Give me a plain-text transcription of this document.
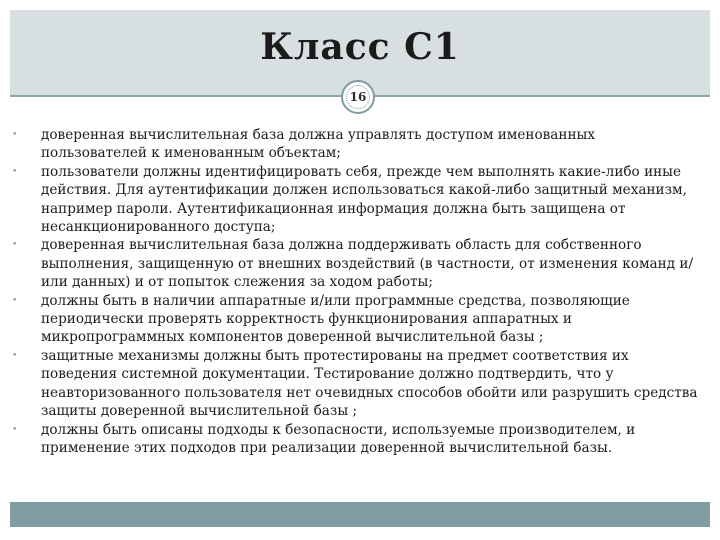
Класс С1
16
• доверенная вычислительная база должна управлять доступом именованных пользователей к именованным объектам;
• пользователи должны идентифицировать себя, прежде чем выполнять какие-либо иные действия. Для аутентификации должен использоваться какой-либо защитный механизм, например пароли. Аутентификационная информация должна быть защищена от несанкционированного доступа;
• доверенная вычислительная база должна поддерживать область для собственного выполнения, защищенную от внешних воздействий (в частности, от изменения команд и/или данных) и от попыток слежения за ходом работы;
• должны быть в наличии аппаратные и/или программные средства, позволяющие периодически проверять корректность функционирования аппаратных и микропрограммных компонентов доверенной вычислительной базы ;
• защитные механизмы должны быть протестированы на предмет соответствия их поведения системной документации. Тестирование должно подтвердить, что у неавторизованного пользователя нет очевидных способов обойти или разрушить средства защиты доверенной вычислительной базы ;
• должны быть описаны подходы к безопасности, используемые производителем, и применение этих подходов при реализации доверенной вычислительной базы.
